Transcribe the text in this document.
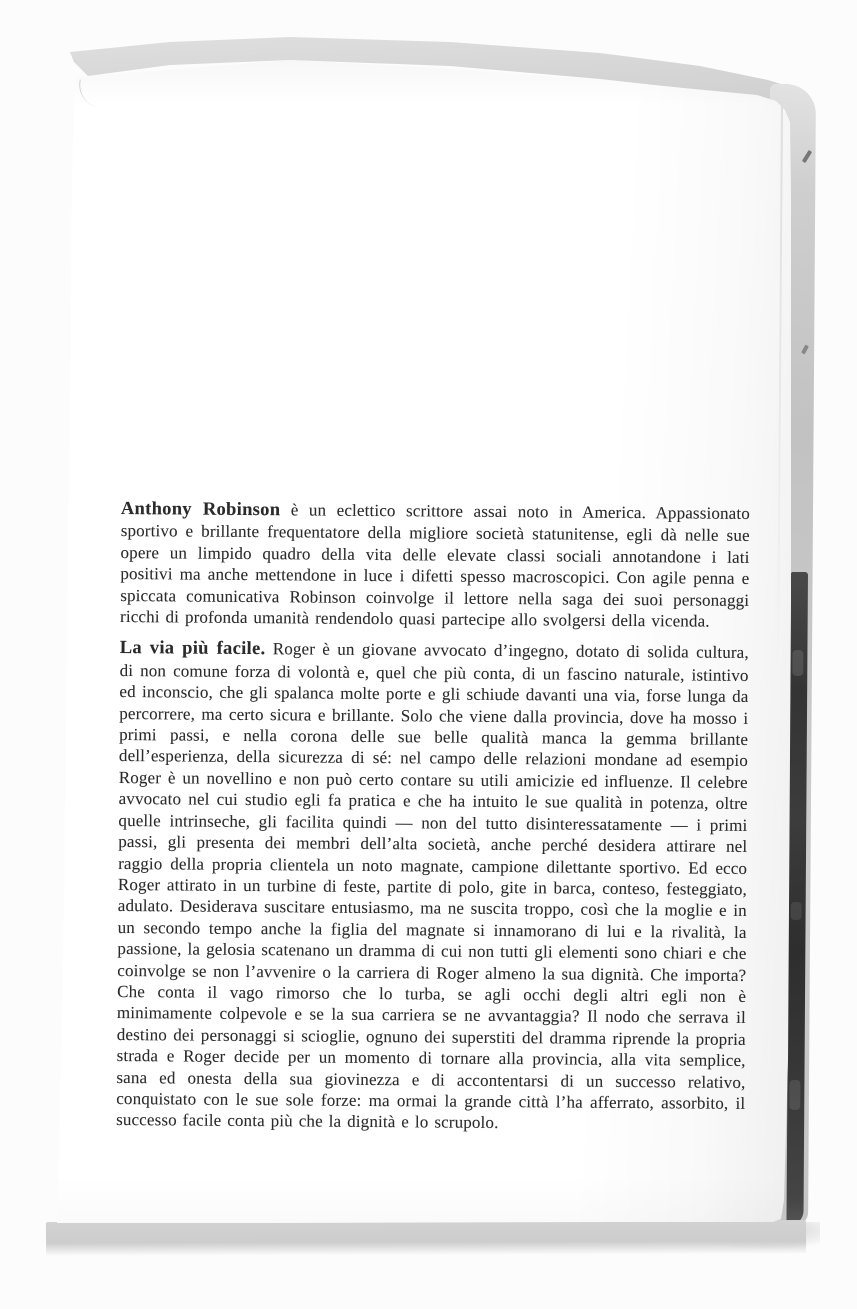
Anthony Robinson è un eclettico scrittore assai noto in America. Appassionato sportivo e brillante frequentatore della migliore società statunitense, egli dà nelle sue opere un limpido quadro della vita delle elevate classi sociali annotandone i lati positivi ma anche mettendone in luce i difetti spesso macroscopici. Con agile penna e spiccata comunicativa Robinson coinvolge il lettore nella saga dei suoi personaggi ricchi di profonda umanità rendendolo quasi partecipe allo svolgersi della vicenda.

La via più facile. Roger è un giovane avvocato d’ingegno, dotato di solida cultura, di non comune forza di volontà e, quel che più conta, di un fascino naturale, istintivo ed inconscio, che gli spalanca molte porte e gli schiude davanti una via, forse lunga da percorrere, ma certo sicura e brillante. Solo che viene dalla provincia, dove ha mosso i primi passi, e nella corona delle sue belle qualità manca la gemma brillante dell’esperienza, della sicurezza di sé: nel campo delle relazioni mondane ad esempio Roger è un novellino e non può certo contare su utili amicizie ed influenze. Il celebre avvocato nel cui studio egli fa pratica e che ha intuito le sue qualità in potenza, oltre quelle intrinseche, gli facilita quindi — non del tutto disinteressatamente — i primi passi, gli presenta dei membri dell’alta società, anche perché desidera attirare nel raggio della propria clientela un noto magnate, campione dilettante sportivo. Ed ecco Roger attirato in un turbine di feste, partite di polo, gite in barca, conteso, festeggiato, adulato. Desiderava suscitare entusiasmo, ma ne suscita troppo, così che la moglie e in un secondo tempo anche la figlia del magnate si innamorano di lui e la rivalità, la passione, la gelosia scatenano un dramma di cui non tutti gli elementi sono chiari e che coinvolge se non l’avvenire o la carriera di Roger almeno la sua dignità. Che importa? Che conta il vago rimorso che lo turba, se agli occhi degli altri egli non è minimamente colpevole e se la sua carriera se ne avvantaggia? Il nodo che serrava il destino dei personaggi si scioglie, ognuno dei superstiti del dramma riprende la propria strada e Roger decide per un momento di tornare alla provincia, alla vita semplice, sana ed onesta della sua giovinezza e di accontentarsi di un successo relativo, conquistato con le sue sole forze: ma ormai la grande città l’ha afferrato, assorbito, il successo facile conta più che la dignità e lo scrupolo.
